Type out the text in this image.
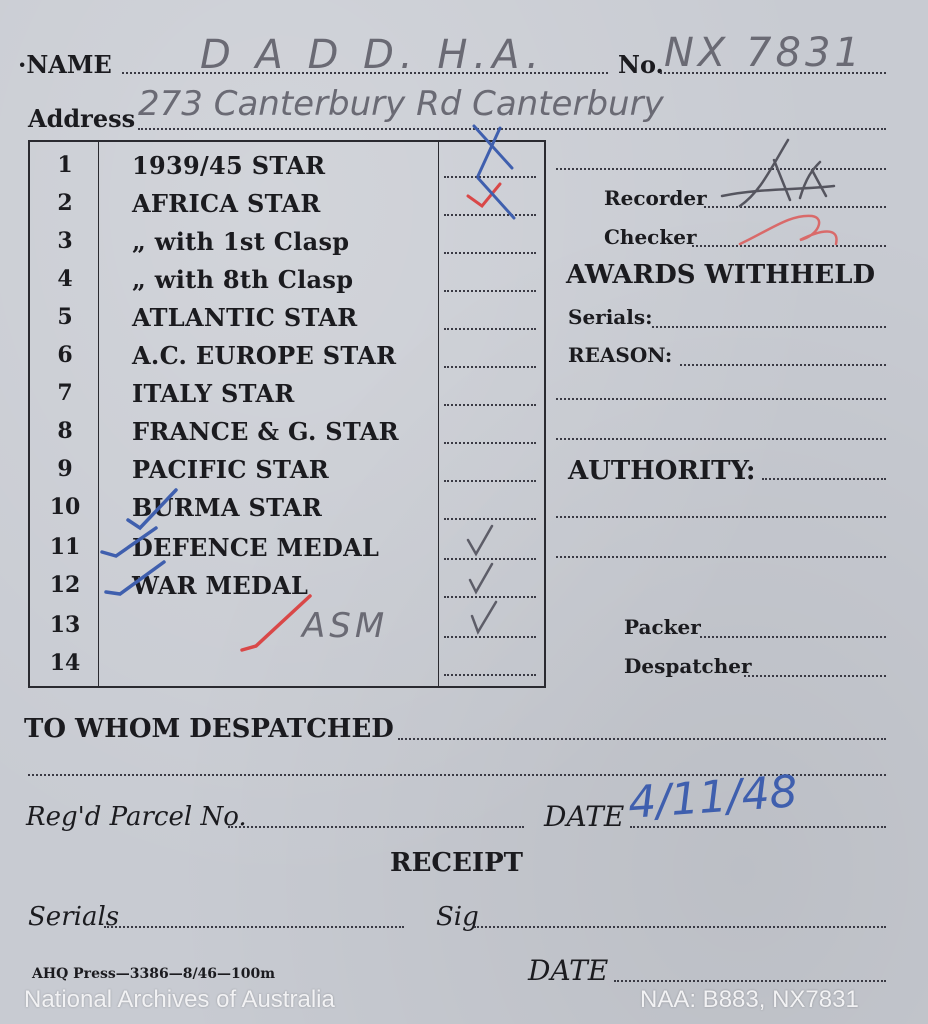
·NAME D A D D. H.A.	No. NX 7831
Address 273 Canterbury Rd Canterbury
1	1939/45 STAR
2	AFRICA STAR
3	„ with 1st Clasp
4	„ with 8th Clasp
5	ATLANTIC STAR
6	A.C. EUROPE STAR
7	ITALY STAR
8	FRANCE & G. STAR
9	PACIFIC STAR
10	BURMA STAR
11	DEFENCE MEDAL
12	WAR MEDAL
13
14
Recorder
Checker
AWARDS WITHHELD
Serials:
REASON:
AUTHORITY:
Packer
Despatcher
TO WHOM DESPATCHED
Reg'd Parcel No.	DATE 4/11/48
RECEIPT
Serials	Sig
AHQ Press—3386—8/46—100m	DATE
National Archives of Australia	NAA: B883, NX7831
ASM
